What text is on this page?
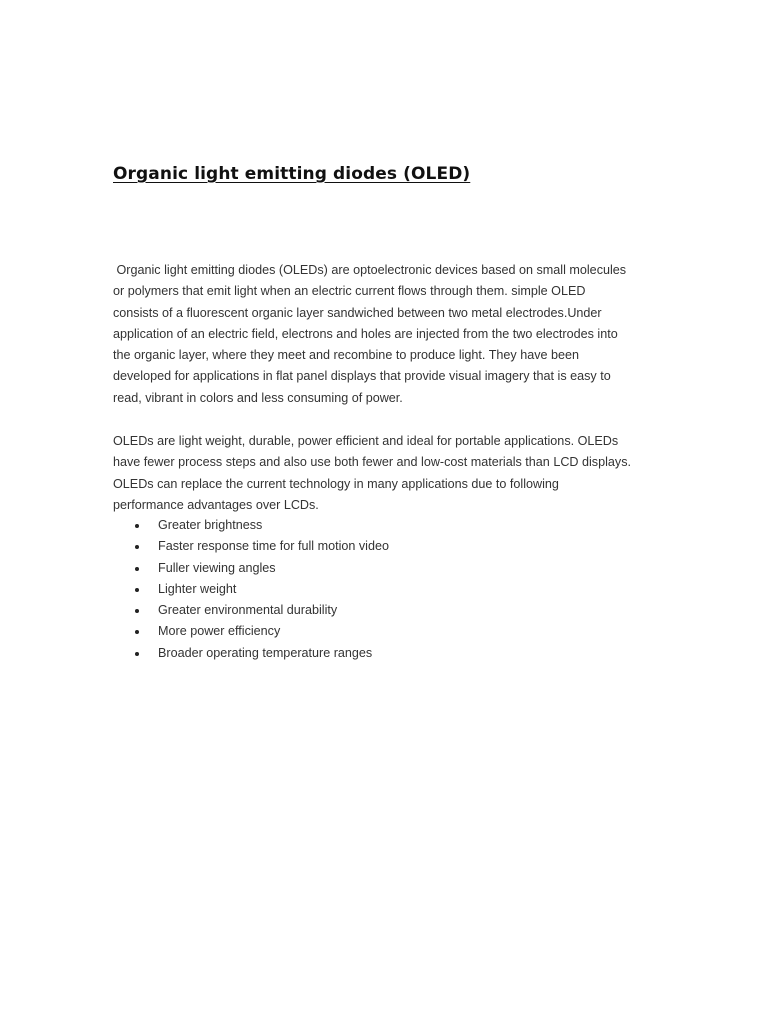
Organic light emitting diodes (OLED)

Organic light emitting diodes (OLEDs) are optoelectronic devices based on small molecules
or polymers that emit light when an electric current flows through them. simple OLED
consists of a fluorescent organic layer sandwiched between two metal electrodes.Under
application of an electric field, electrons and holes are injected from the two electrodes into
the organic layer, where they meet and recombine to produce light. They have been
developed for applications in flat panel displays that provide visual imagery that is easy to
read, vibrant in colors and less consuming of power.

OLEDs are light weight, durable, power efficient and ideal for portable applications. OLEDs
have fewer process steps and also use both fewer and low-cost materials than LCD displays.
OLEDs can replace the current technology in many applications due to following
performance advantages over LCDs.

Greater brightness
Faster response time for full motion video
Fuller viewing angles
Lighter weight
Greater environmental durability
More power efficiency
Broader operating temperature ranges
